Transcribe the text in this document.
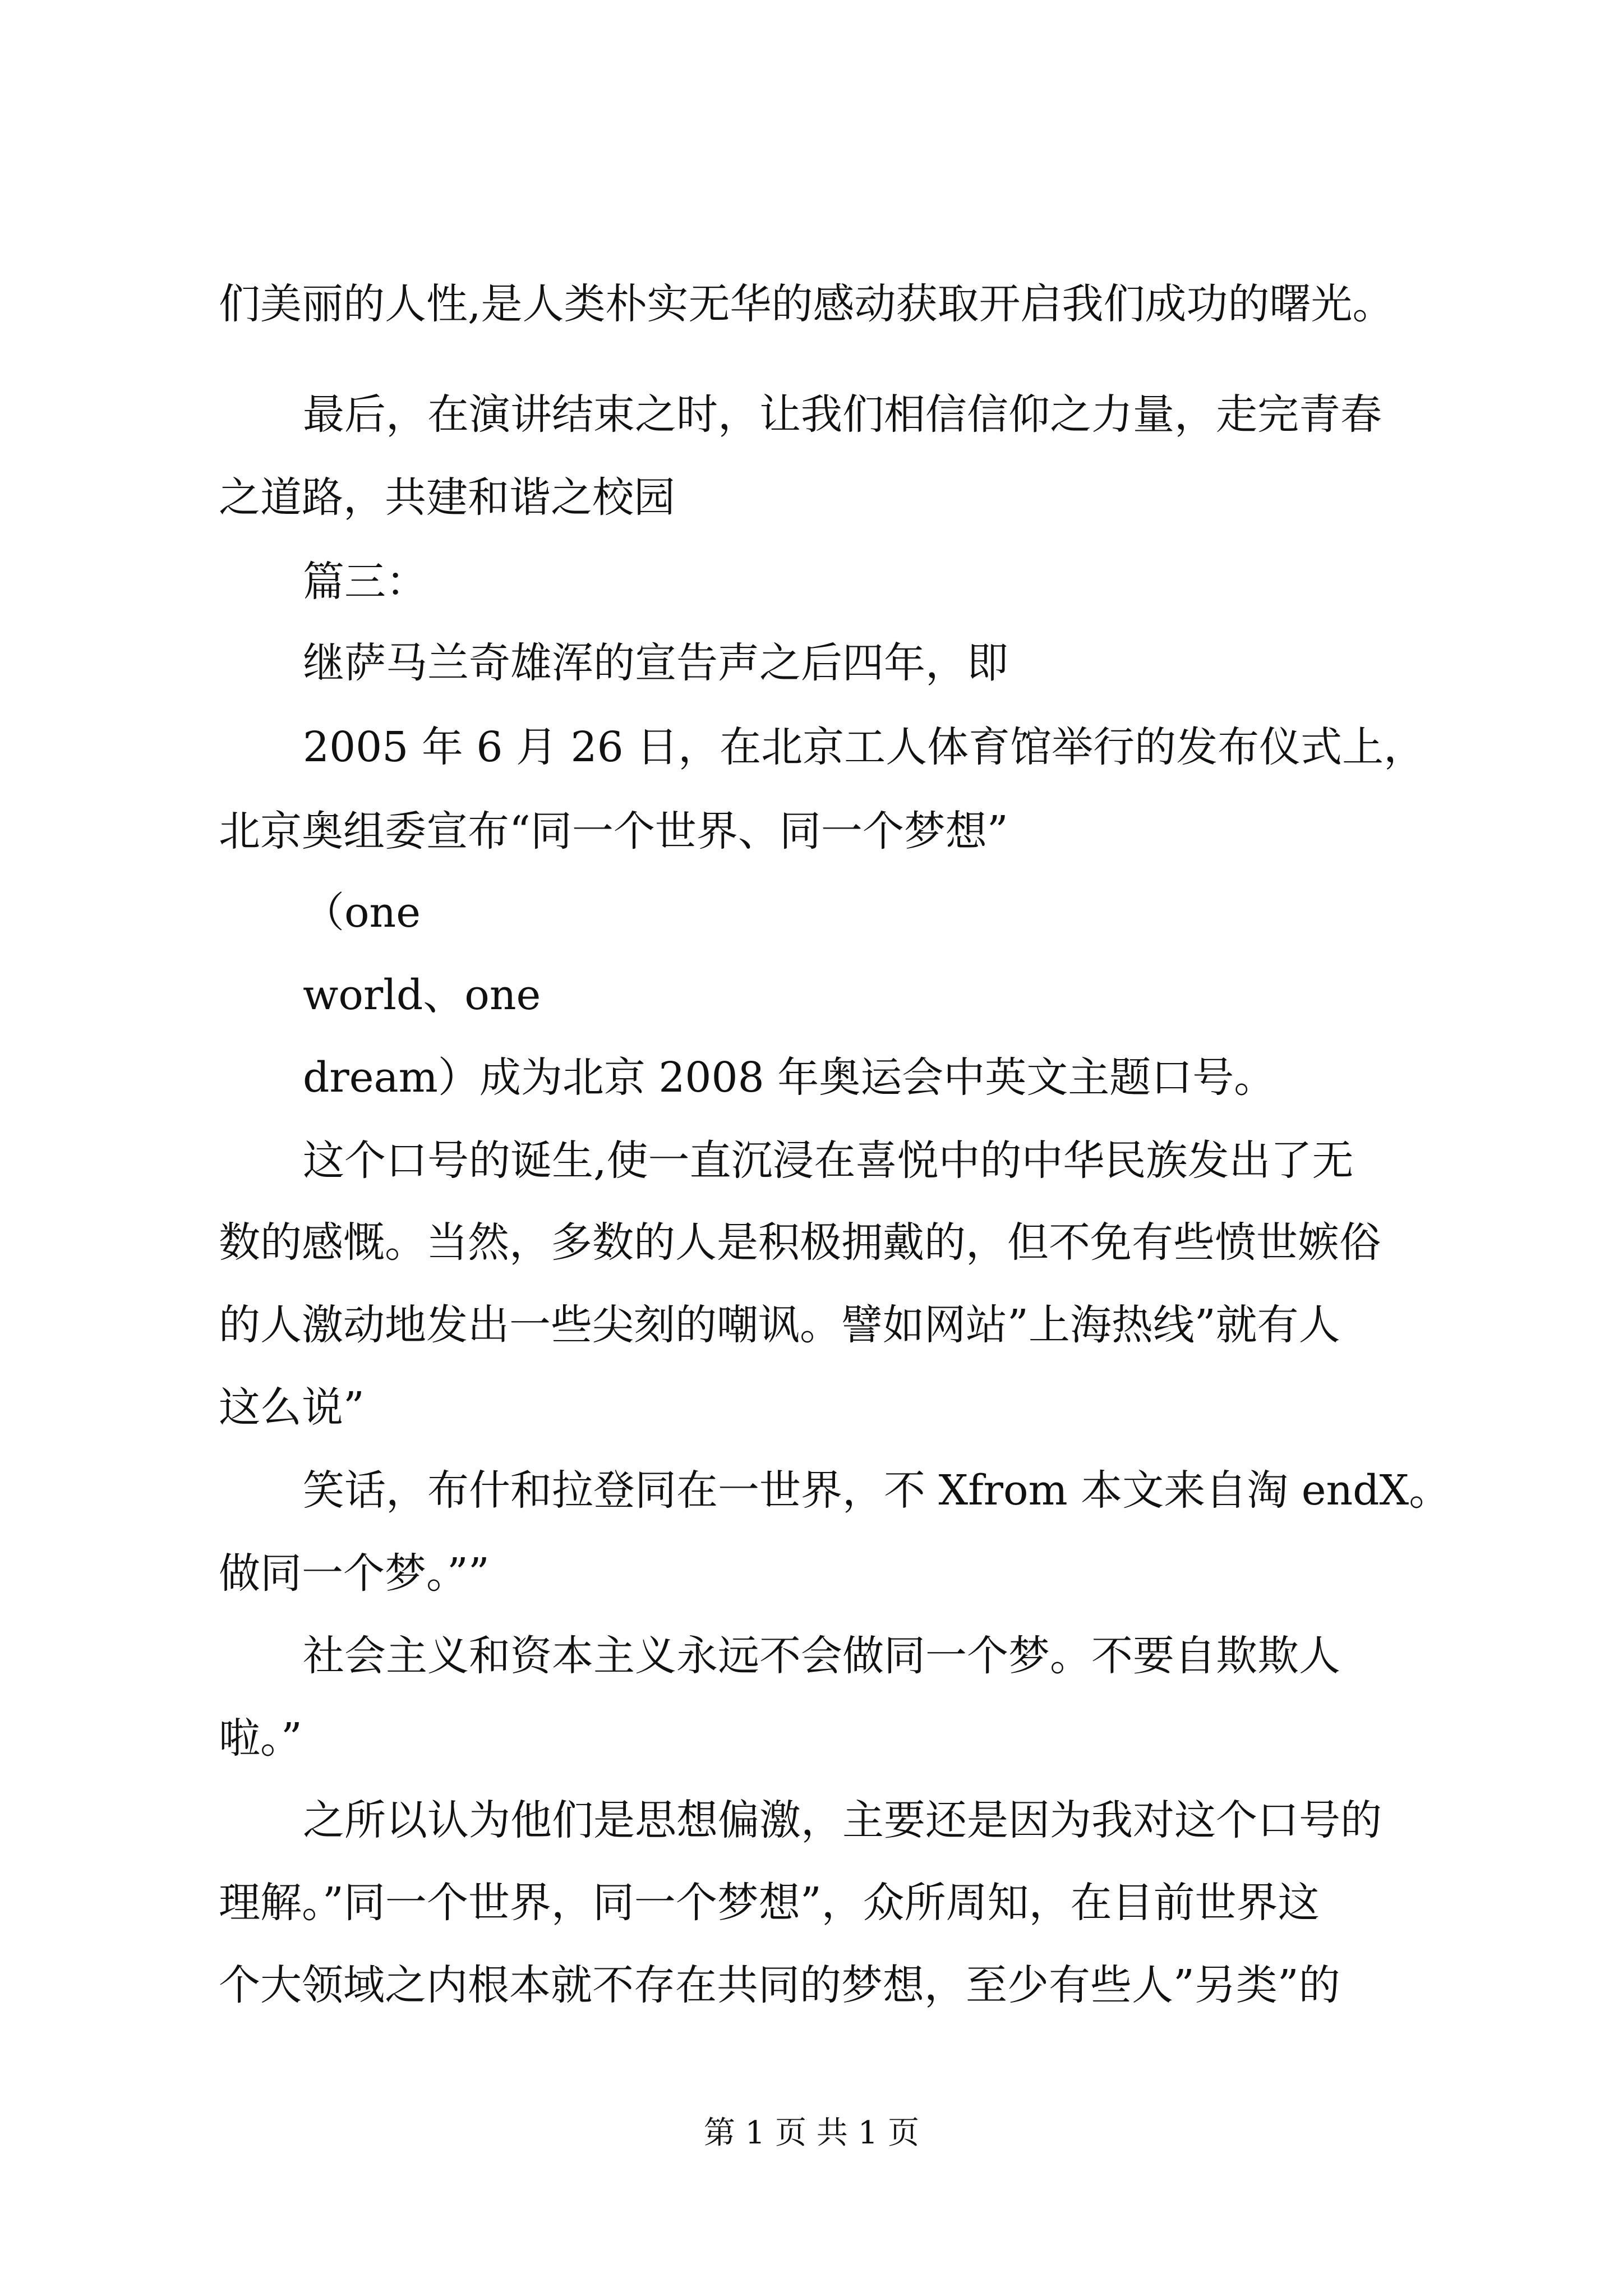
们美丽的人性,是人类朴实无华的感动获取开启我们成功的曙光。
最后，在演讲结束之时，让我们相信信仰之力量，走完青春
之道路，共建和谐之校园
篇三：
继萨马兰奇雄浑的宣告声之后四年，即
2005 年 6 月 26 日，在北京工人体育馆举行的发布仪式上，
北京奥组委宣布“同一个世界、同一个梦想”
（one
world、one
dream）成为北京 2008 年奥运会中英文主题口号。
这个口号的诞生,使一直沉浸在喜悦中的中华民族发出了无
数的感慨。当然，多数的人是积极拥戴的，但不免有些愤世嫉俗
的人激动地发出一些尖刻的嘲讽。譬如网站”上海热线”就有人
这么说”
笑话，布什和拉登同在一世界，不 Xfrom 本文来自淘 endX。
做同一个梦。””
社会主义和资本主义永远不会做同一个梦。不要自欺欺人
啦。”
之所以认为他们是思想偏激，主要还是因为我对这个口号的
理解。”同一个世界，同一个梦想”，众所周知，在目前世界这
个大领域之内根本就不存在共同的梦想，至少有些人”另类”的
第 1 页 共 1 页
